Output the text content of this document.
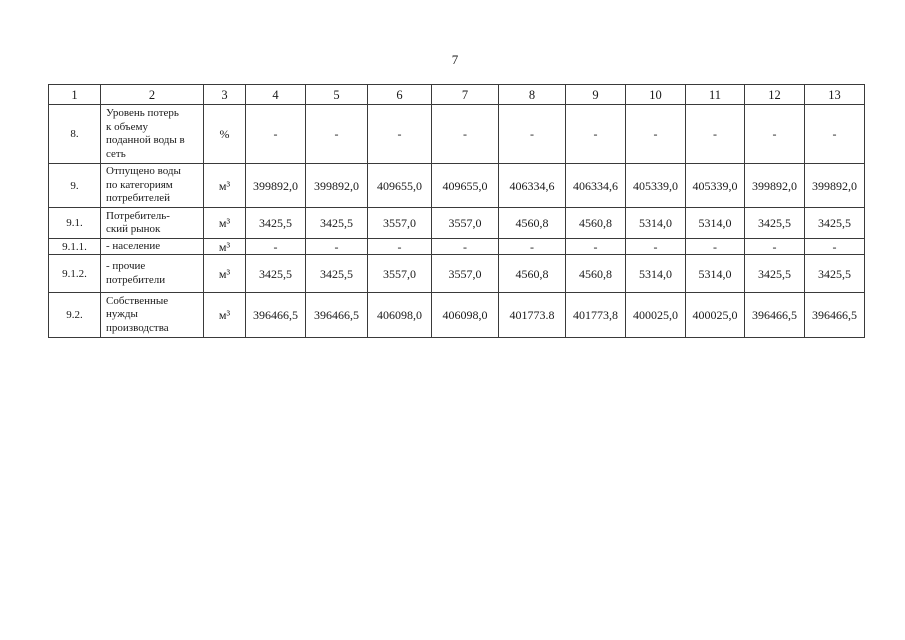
7
1	2	3	4	5	6	7	8	9	10	11	12	13
8.	Уровень потерь
к объему
поданной воды в
сеть	%	-	-	-	-	-	-	-	-	-	-
9.	Отпущено воды
по категориям
потребителей	м³	399892,0	399892,0	409655,0	409655,0	406334,6	406334,6	405339,0	405339,0	399892,0	399892,0
9.1.	Потребитель-
ский рынок	м³	3425,5	3425,5	3557,0	3557,0	4560,8	4560,8	5314,0	5314,0	3425,5	3425,5
9.1.1.	- население	м³	-	-	-	-	-	-	-	-	-	-
9.1.2.	- прочие
потребители	м³	3425,5	3425,5	3557,0	3557,0	4560,8	4560,8	5314,0	5314,0	3425,5	3425,5
9.2.	Собственные
нужды
производства	м³	396466,5	396466,5	406098,0	406098,0	401773.8	401773,8	400025,0	400025,0	396466,5	396466,5
